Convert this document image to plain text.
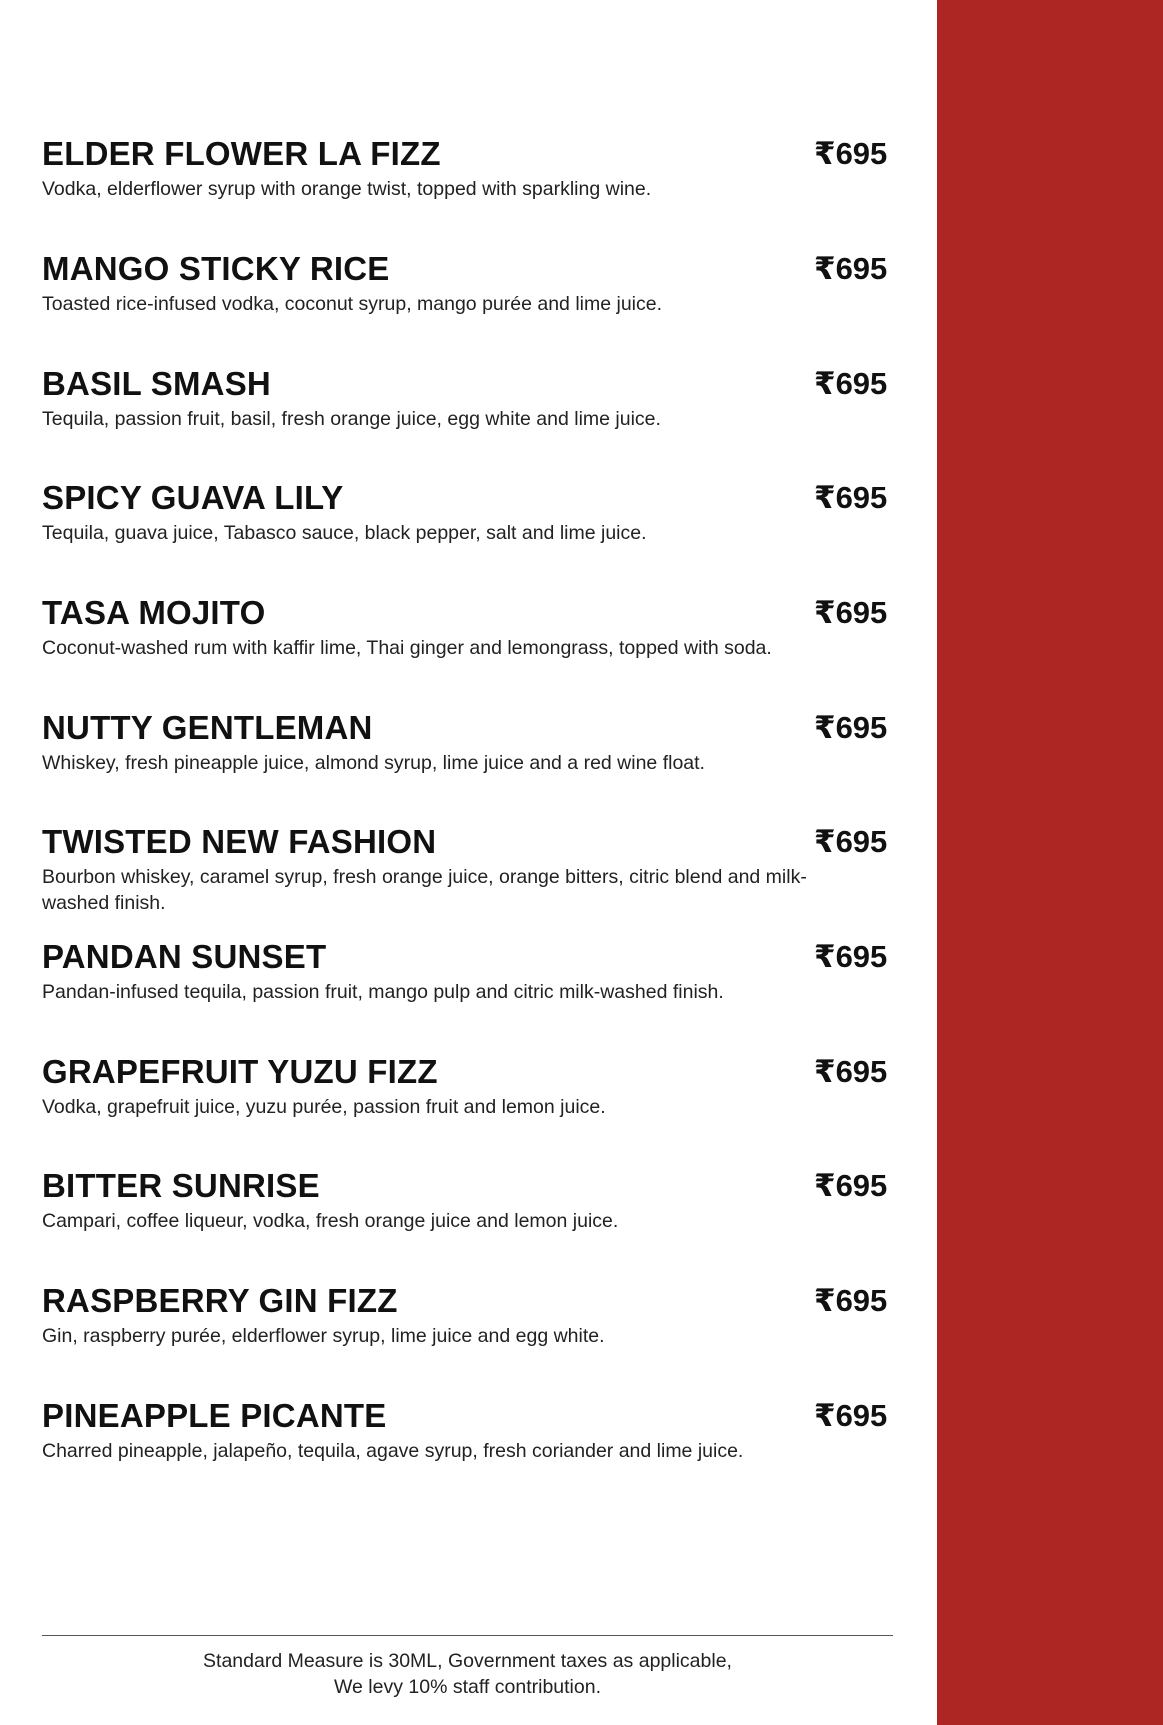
ELDER FLOWER LA FIZZ	₹695
Vodka, elderflower syrup with orange twist, topped with sparkling wine.
MANGO STICKY RICE	₹695
Toasted rice-infused vodka, coconut syrup, mango purée and lime juice.
BASIL SMASH	₹695
Tequila, passion fruit, basil, fresh orange juice, egg white and lime juice.
SPICY GUAVA LILY	₹695
Tequila, guava juice, Tabasco sauce, black pepper, salt and lime juice.
TASA MOJITO	₹695
Coconut-washed rum with kaffir lime, Thai ginger and lemongrass, topped with soda.
NUTTY GENTLEMAN	₹695
Whiskey, fresh pineapple juice, almond syrup, lime juice and a red wine float.
TWISTED NEW FASHION	₹695
Bourbon whiskey, caramel syrup, fresh orange juice, orange bitters, citric blend and milk-washed finish.
PANDAN SUNSET	₹695
Pandan-infused tequila, passion fruit, mango pulp and citric milk-washed finish.
GRAPEFRUIT YUZU FIZZ	₹695
Vodka, grapefruit juice, yuzu purée, passion fruit and lemon juice.
BITTER SUNRISE	₹695
Campari, coffee liqueur, vodka, fresh orange juice and lemon juice.
RASPBERRY GIN FIZZ	₹695
Gin, raspberry purée, elderflower syrup, lime juice and egg white.
PINEAPPLE PICANTE	₹695
Charred pineapple, jalapeño, tequila, agave syrup, fresh coriander and lime juice.
Standard Measure is 30ML, Government taxes as applicable,
We levy 10% staff contribution.
